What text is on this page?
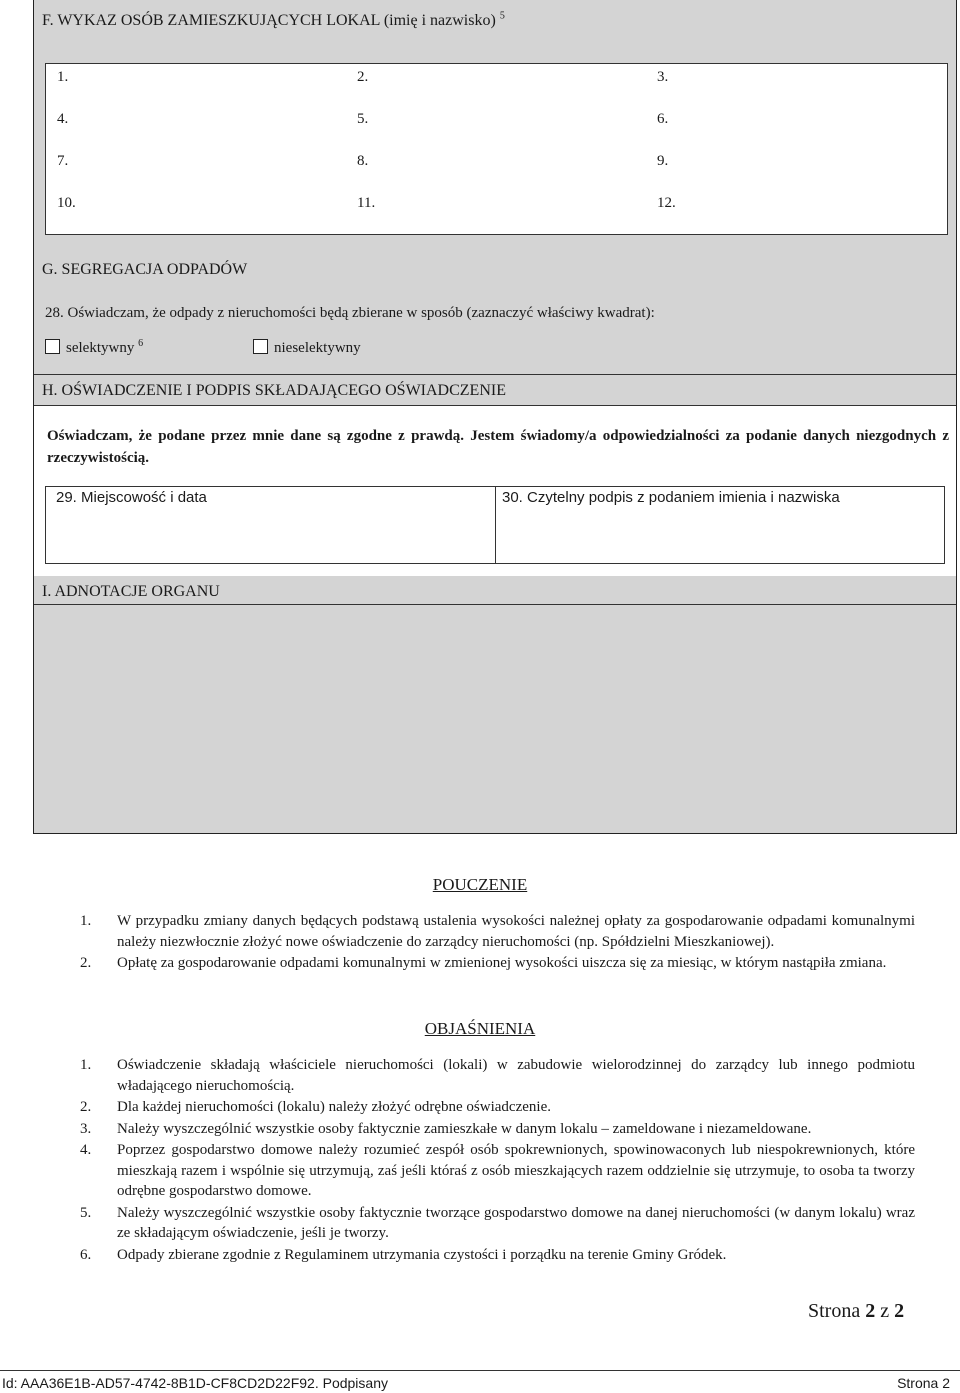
F. WYKAZ OSÓB ZAMIESZKUJĄCYCH LOKAL (imię i nazwisko) $^5$
1.	2.	3.
4.	5.	6.
7.	8.	9.
10.	11.	12.
G. SEGREGACJA ODPADÓW
28. Oświadczam, że odpady z nieruchomości będą zbierane w sposób (zaznaczyć właściwy kwadrat):
selektywny $^6$	nieselektywny
H. OŚWIADCZENIE I PODPIS SKŁADAJĄCEGO OŚWIADCZENIE
Oświadczam, że podane przez mnie dane są zgodne z prawdą. Jestem świadomy/a odpowiedzialności za podanie danych niezgodnych z rzeczywistością.
29. Miejscowość i data	30. Czytelny podpis z podaniem imienia i nazwiska
I. ADNOTACJE ORGANU
POUCZENIE
1. W przypadku zmiany danych będących podstawą ustalenia wysokości należnej opłaty za gospodarowanie odpadami komunalnymi należy niezwłocznie złożyć nowe oświadczenie do zarządcy nieruchomości (np. Spółdzielni Mieszkaniowej).
2. Opłatę za gospodarowanie odpadami komunalnymi w zmienionej wysokości uiszcza się za miesiąc, w którym nastąpiła zmiana.
OBJAŚNIENIA
1. Oświadczenie składają właściciele nieruchomości (lokali) w zabudowie wielorodzinnej do zarządcy lub innego podmiotu władającego nieruchomością.
2. Dla każdej nieruchomości (lokalu) należy złożyć odrębne oświadczenie.
3. Należy wyszczególnić wszystkie osoby faktycznie zamieszkałe w danym lokalu – zameldowane i niezameldowane.
4. Poprzez gospodarstwo domowe należy rozumieć zespół osób spokrewnionych, spowinowaconych lub niespokrewnionych, które mieszkają razem i wspólnie się utrzymują, zaś jeśli któraś z osób mieszkających razem oddzielnie się utrzymuje, to osoba ta tworzy odrębne gospodarstwo domowe.
5. Należy wyszczególnić wszystkie osoby faktycznie tworzące gospodarstwo domowe na danej nieruchomości (w danym lokalu) wraz ze składającym oświadczenie, jeśli je tworzy.
6. Odpady zbierane zgodnie z Regulaminem utrzymania czystości i porządku na terenie Gminy Gródek.
Strona 2 z 2
Id: AAA36E1B-AD57-4742-8B1D-CF8CD2D22F92. Podpisany	Strona 2
